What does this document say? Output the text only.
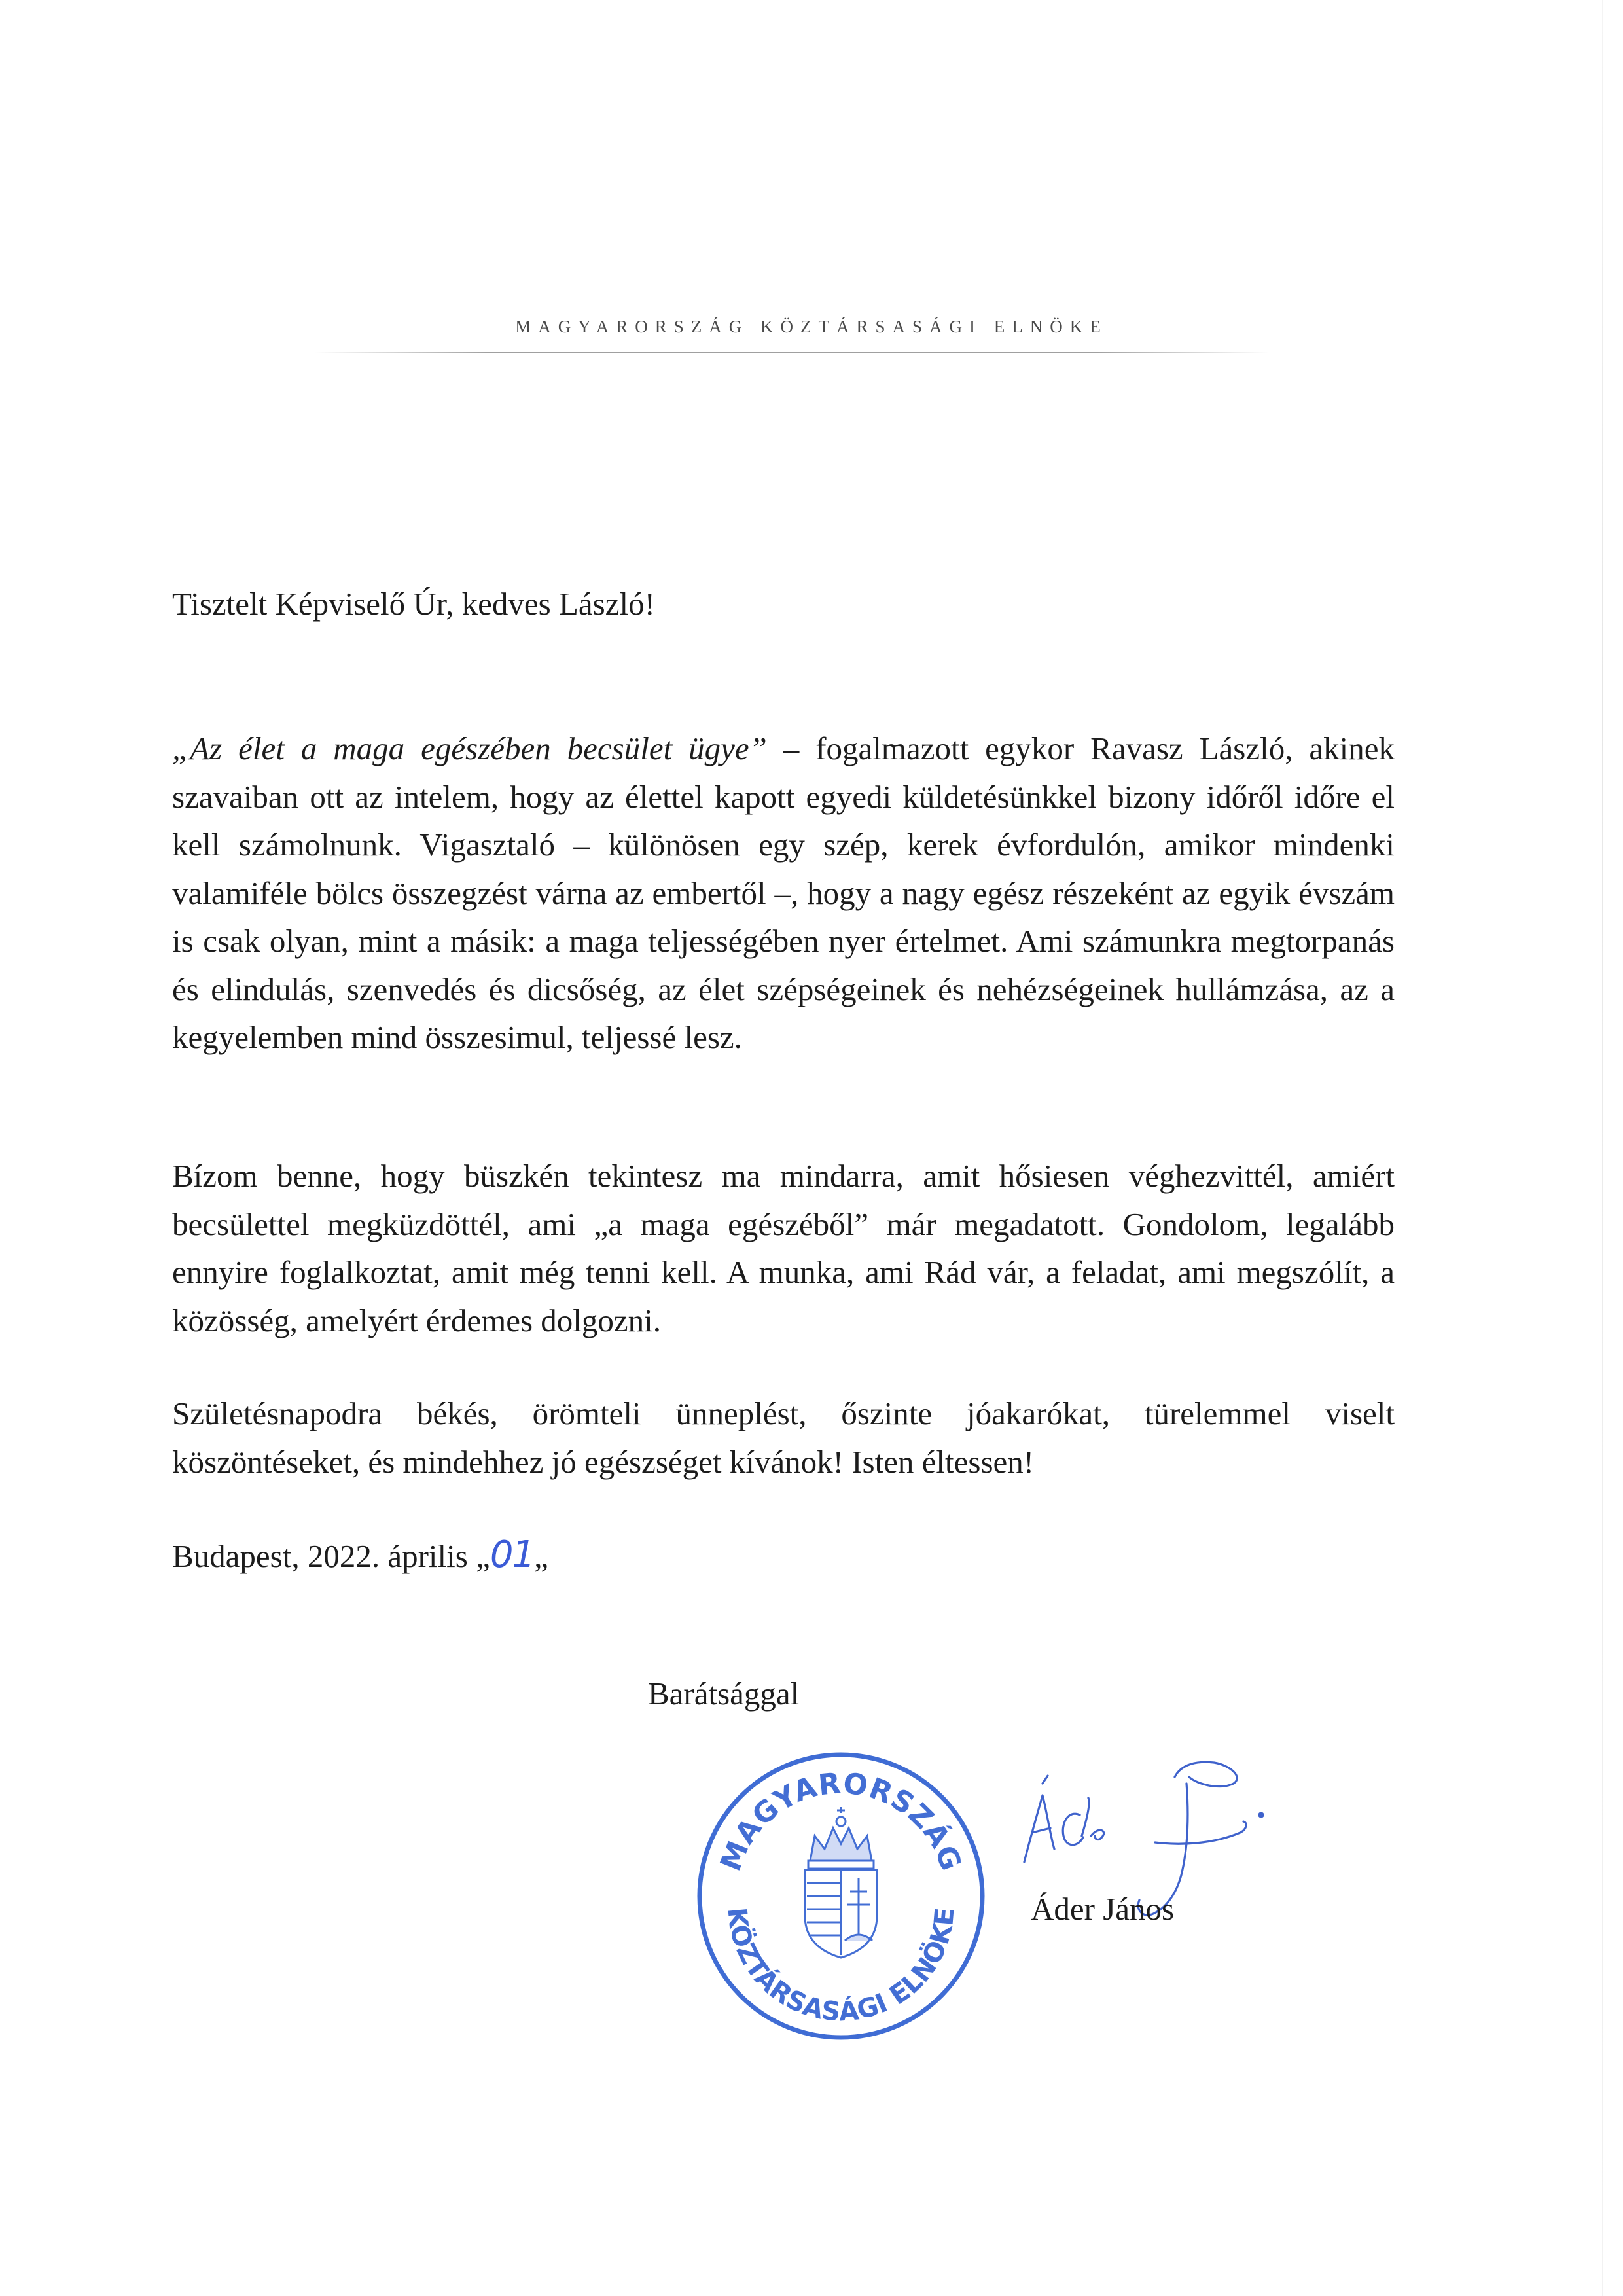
MAGYARORSZÁG KÖZTÁRSASÁGI ELNÖKE
Tisztelt Képviselő Úr, kedves László!
„Az élet a maga egészében becsület ügye” – fogalmazott egykor Ravasz László, akinek szavaiban ott az intelem, hogy az élettel kapott egyedi küldetésünkkel bizony időről időre el kell számolnunk. Vigasztaló – különösen egy szép, kerek évfordulón, amikor mindenki valamiféle bölcs összegzést várna az embertől –, hogy a nagy egész részeként az egyik évszám is csak olyan, mint a másik: a maga teljességében nyer értelmet. Ami számunkra megtorpanás és elindulás, szenvedés és dicsőség, az élet szépségeinek és nehézségeinek hullámzása, az a kegyelemben mind összesimul, teljessé lesz.
Bízom benne, hogy büszkén tekintesz ma mindarra, amit hősiesen véghezvittél, amiért becsülettel megküzdöttél, ami „a maga egészéből” már megadatott. Gondolom, legalább ennyire foglalkoztat, amit még tenni kell. A munka, ami Rád vár, a feladat, ami megszólít, a közösség, amelyért érdemes dolgozni.
Születésnapodra békés, örömteli ünneplést, őszinte jóakarókat, türelemmel viselt köszöntéseket, és mindehhez jó egészséget kívánok! Isten éltessen!
Budapest, 2022. április „01„
Barátsággal
MAGYARORSZÁG
KÖZTÁRSASÁGI ELNÖKE Áder János
